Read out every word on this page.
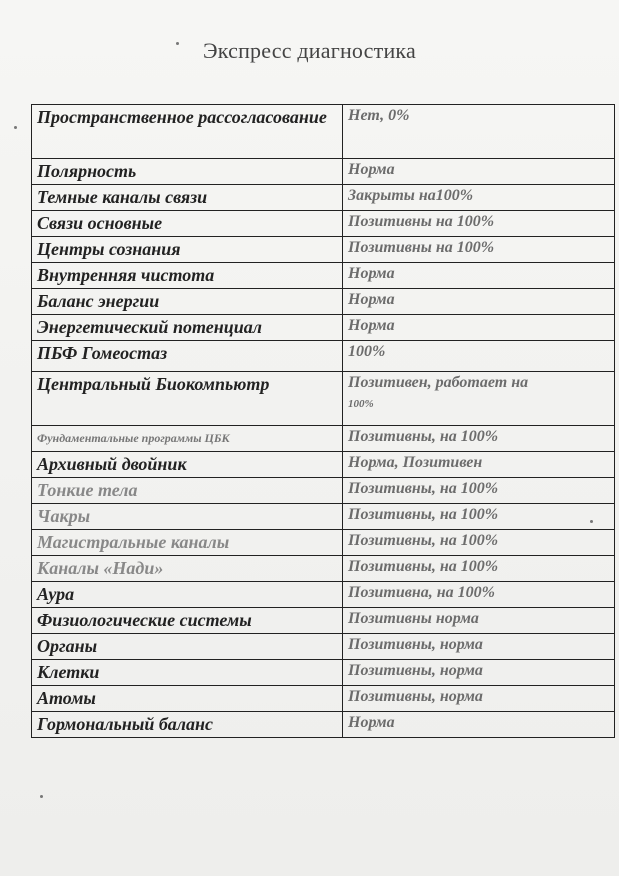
Экспресс диагностика
Пространственное рассогласование	Нет, 0%
Полярность	Норма
Темные каналы связи	Закрыты на100%
Связи основные	Позитивны на 100%
Центры сознания	Позитивны на 100%
Внутренняя чистота	Норма
Баланс энергии	Норма
Энергетический потенциал	Норма
ПБФ Гомеостаз	100%
Центральный Биокомпьютр	Позитивен, работает на
100%
Фундаментальные программы ЦБК	Позитивны, на 100%
Архивный двойник	Норма, Позитивен
Тонкие тела	Позитивны, на 100%
Чакры	Позитивны, на 100%
Магистральные каналы	Позитивны, на 100%
Каналы «Нади»	Позитивны, на 100%
Аура	Позитивна, на 100%
Физиологические системы	Позитивны норма
Органы	Позитивны, норма
Клетки	Позитивны, норма
Атомы	Позитивны, норма
Гормональный баланс	Норма
